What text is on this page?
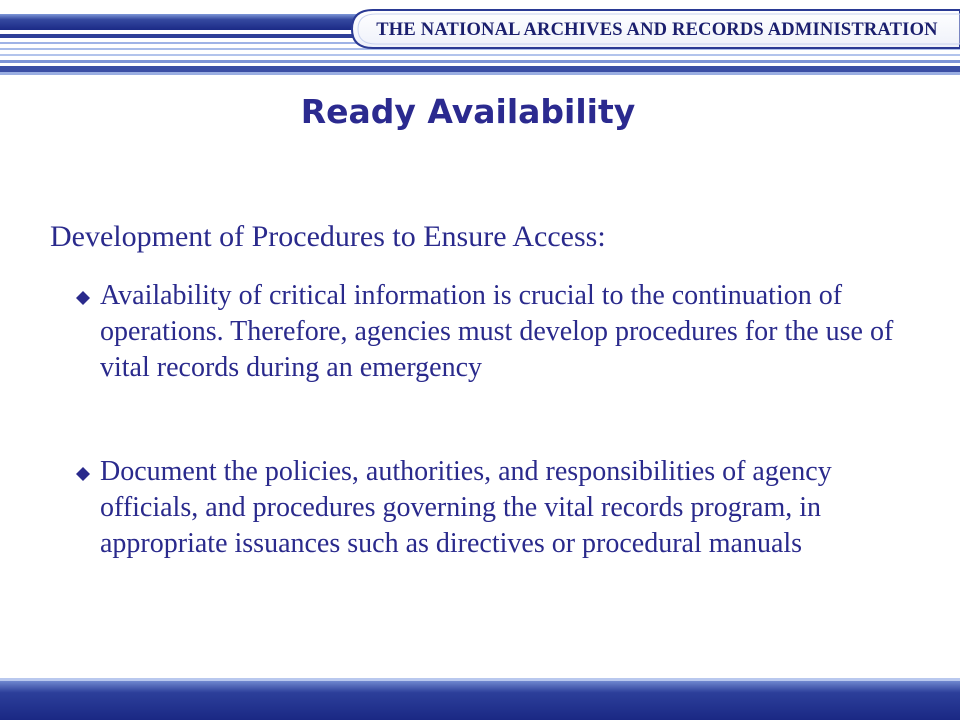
THE NATIONAL ARCHIVES AND RECORDS ADMINISTRATION
Ready Availability
Development of Procedures to Ensure Access:
Availability of critical information is crucial to the continuation of operations. Therefore, agencies must develop procedures for the use of vital records during an emergency
Document the policies, authorities, and responsibilities of agency officials, and procedures governing the vital records program, in appropriate issuances such as directives or procedural manuals
